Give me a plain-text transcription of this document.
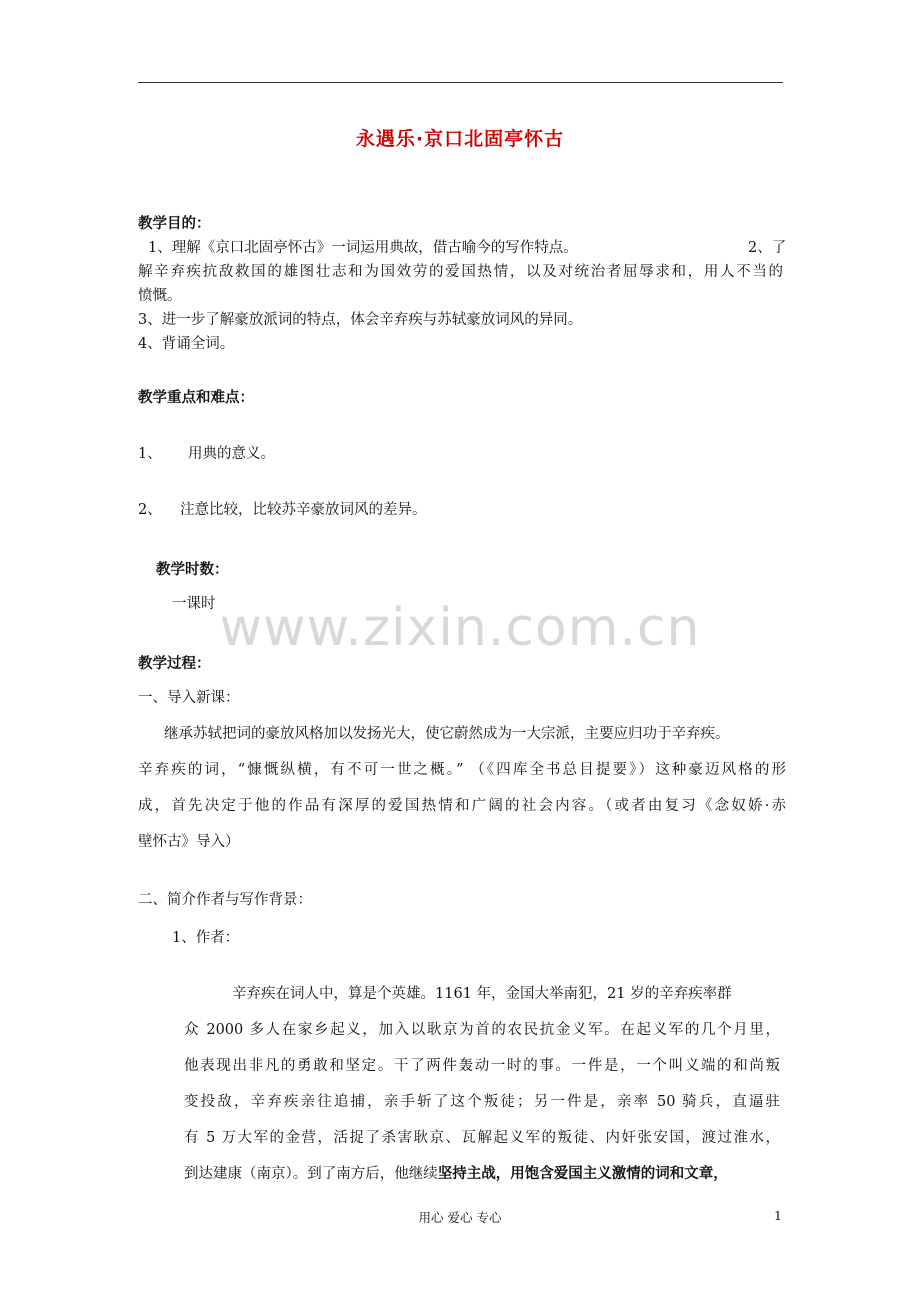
永遇乐·京口北固亭怀古
教学目的：
1、理解《京口北固亭怀古》一词运用典故，借古喻今的写作特点。	2、了
解辛弃疾抗敌救国的雄图壮志和为国效劳的爱国热情，以及对统治者屈辱求和，用人不当的
愤慨。
3、进一步了解豪放派词的特点，体会辛弃疾与苏轼豪放词风的异同。
4、背诵全词。
教学重点和难点：
1、 用典的意义。
2、 注意比较，比较苏辛豪放词风的差异。
教学时数：
一课时 www.zixin.com.cn
教学过程：
一、导入新课：
继承苏轼把词的豪放风格加以发扬光大，使它蔚然成为一大宗派，主要应归功于辛弃疾。
辛弃疾的词，“慷慨纵横，有不可一世之概。” （《四库全书总目提要》）这种豪迈风格的形
成，首先决定于他的作品有深厚的爱国热情和广阔的社会内容。（或者由复习《念奴娇·赤
壁怀古》导入）
二、简介作者与写作背景：
1、作者：
辛弃疾在词人中，算是个英雄。1161 年，金国大举南犯，21 岁的辛弃疾率群
众 2000 多人在家乡起义，加入以耿京为首的农民抗金义军。在起义军的几个月里，
他表现出非凡的勇敢和坚定。干了两件轰动一时的事。一件是，一个叫义端的和尚叛
变投敌，辛弃疾亲往追捕，亲手斩了这个叛徒；另一件是，亲率 50 骑兵，直逼驻
有 5 万大军的金营，活捉了杀害耿京、瓦解起义军的叛徒、内奸张安国，渡过淮水，
到达建康（南京）。到了南方后，他继续坚持主战，用饱含爱国主义激情的词和文章，
用心 爱心 专心	1
